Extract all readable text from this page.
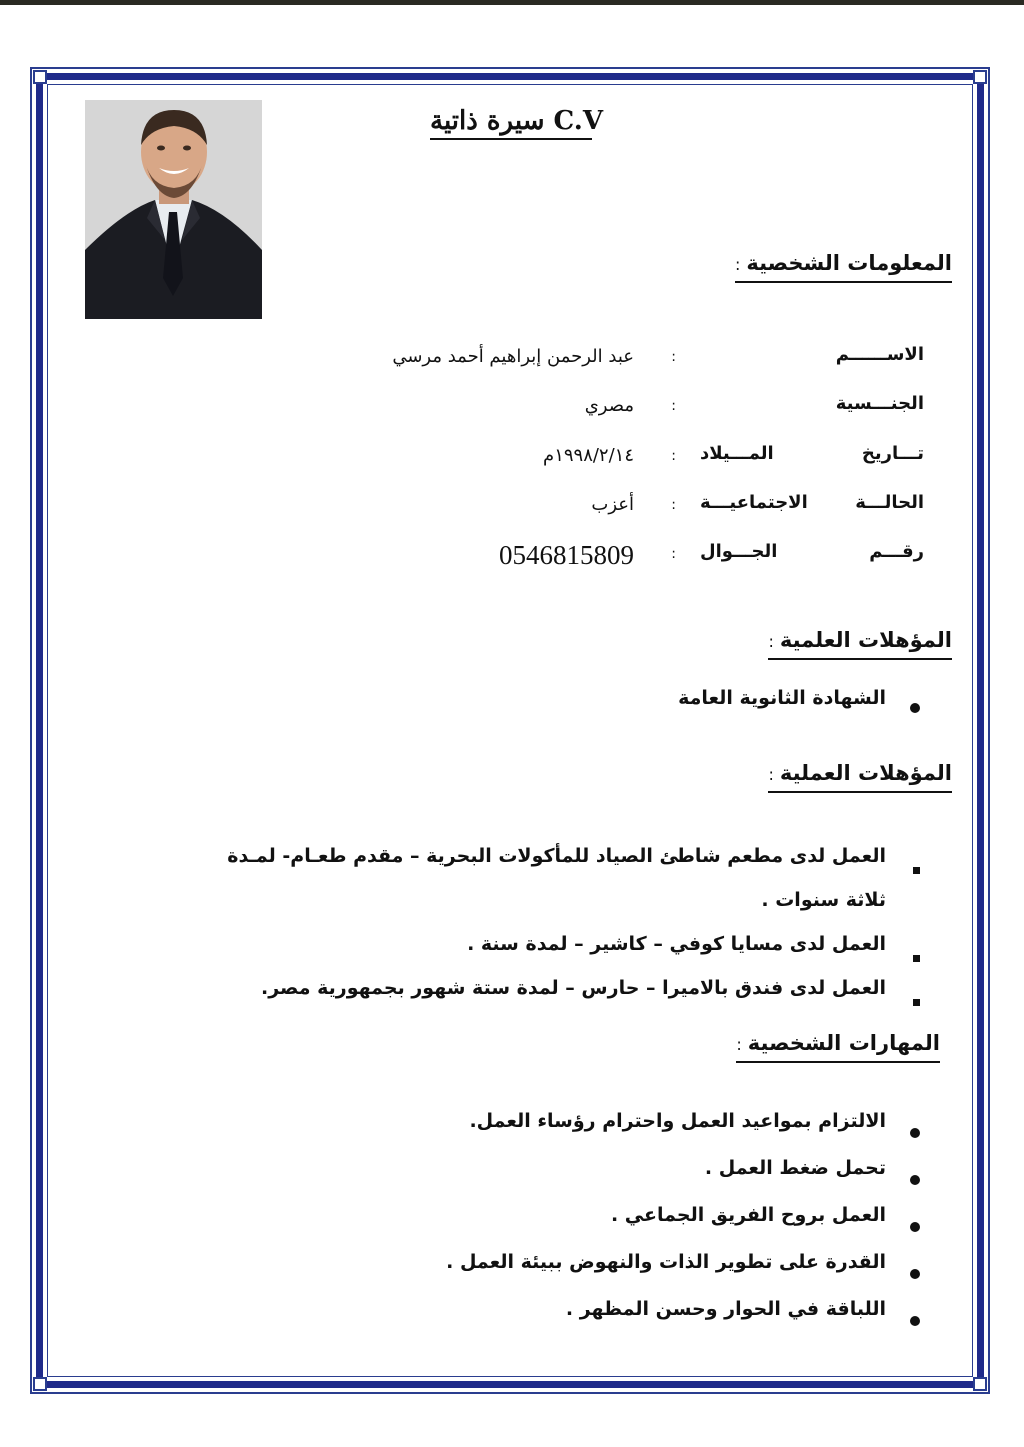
سيرة ذاتية C.V
المعلومات الشخصية:
الاســــــم
:
عبد الرحمن إبراهيم أحمد مرسي
الجنـــسية
:
مصري
تـــاريخ المـــيلاد
:
١٩٩٨/٢/١٤م
الحالـــة الاجتماعيـــة
:
أعزب
رقـــم الجـــوال
:
0546815809
المؤهلات العلمية:
الشهادة الثانوية العامة
المؤهلات العملية:
العمل لدى مطعم شاطئ الصياد للمأكولات البحرية – مقدم طعـام- لمـدة
ثلاثة سنوات .
العمل لدى مسايا كوفي – كاشير – لمدة سنة .
العمل لدى فندق بالاميرا – حارس – لمدة ستة شهور بجمهورية مصر.
المهارات الشخصية:
الالتزام بمواعيد العمل واحترام رؤساء العمل.
تحمل ضغط العمل .
العمل بروح الفريق الجماعي .
القدرة على تطوير الذات والنهوض ببيئة العمل .
اللباقة في الحوار وحسن المظهر .
